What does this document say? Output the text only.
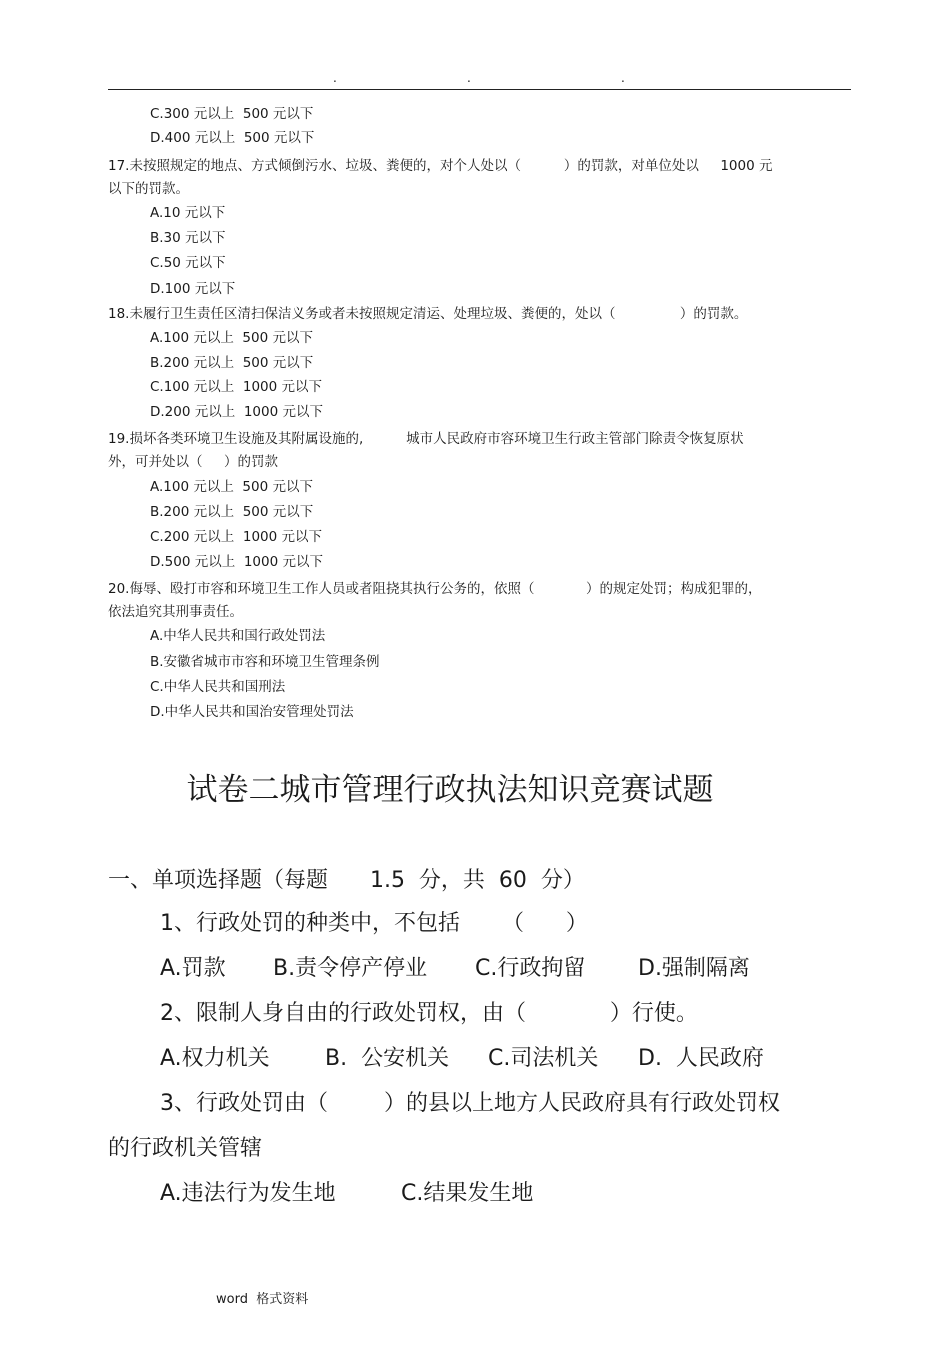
.	.	.
C.300 元以上  500 元以下
D.400 元以上  500 元以下
17.未按照规定的地点、方式倾倒污水、垃圾、粪便的，对个人处以（          ）的罚款，对单位处以     1000 元
以下的罚款。
A.10 元以下
B.30 元以下
C.50 元以下
D.100 元以下
18.未履行卫生责任区清扫保洁义务或者未按照规定清运、处理垃圾、粪便的，处以（               ）的罚款。
A.100 元以上  500 元以下
B.200 元以上  500 元以下
C.100 元以上  1000 元以下
D.200 元以上  1000 元以下
19.损坏各类环境卫生设施及其附属设施的,          城市人民政府市容环境卫生行政主管部门除责令恢复原状
外，可并处以（     ）的罚款
A.100 元以上  500 元以下
B.200 元以上  500 元以下
C.200 元以上  1000 元以下
D.500 元以上  1000 元以下
20.侮辱、殴打市容和环境卫生工作人员或者阻挠其执行公务的，依照（            ）的规定处罚；构成犯罪的，
依法追究其刑事责任。
A.中华人民共和国行政处罚法
B.安徽省城市市容和环境卫生管理条例
C.中华人民共和国刑法
D.中华人民共和国治安管理处罚法
试卷二城市管理行政执法知识竞赛试题
一、单项选择题（每题      1.5  分，共  60  分）
1、行政处罚的种类中，不包括      （      ）
A.罚款 B.责令停产停业 C.行政拘留 D.强制隔离
2、限制人身自由的行政处罚权，由（            ）行使。
A.权力机关	B.  公安机关 C.司法机关 D.  人民政府
3、行政处罚由（        ）的县以上地方人民政府具有行政处罚权
的行政机关管辖
A.违法行为发生地	C.结果发生地
word  格式资料
